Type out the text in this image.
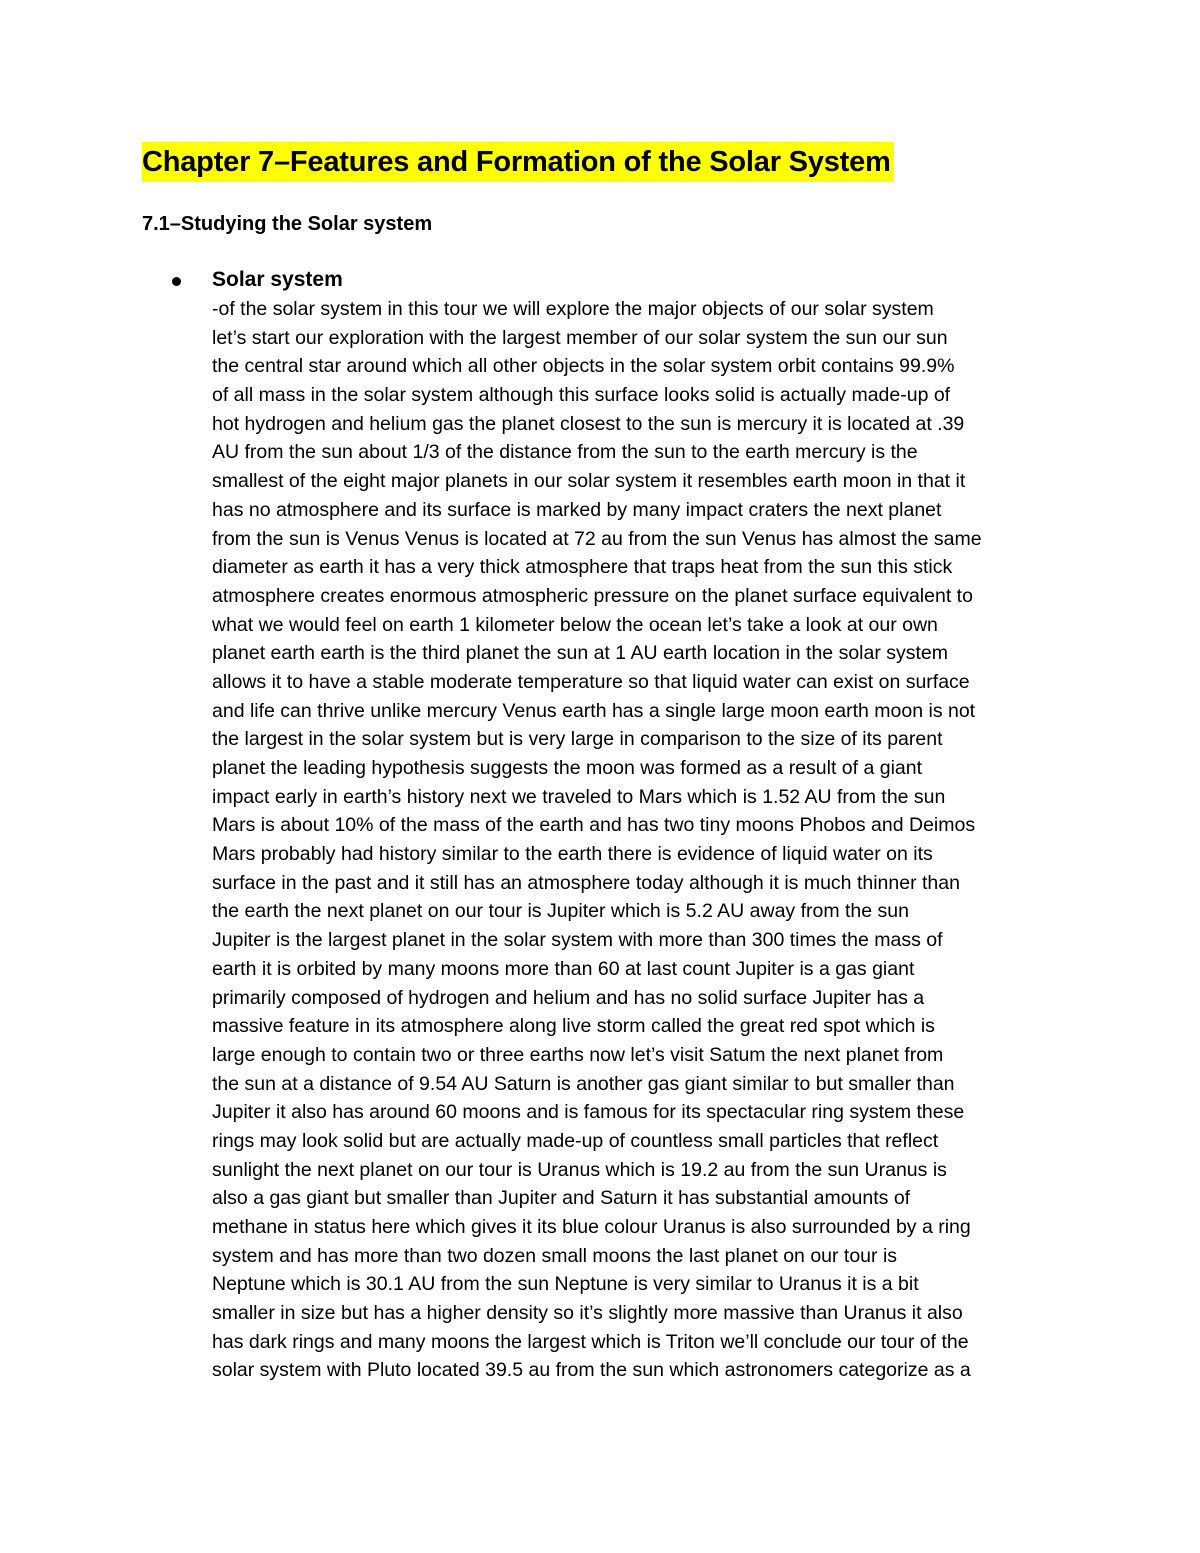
Chapter 7–Features and Formation of the Solar System
7.1–Studying the Solar system
Solar system
-of the solar system in this tour we will explore the major objects of our solar system
let’s start our exploration with the largest member of our solar system the sun our sun
the central star around which all other objects in the solar system orbit contains 99.9%
of all mass in the solar system although this surface looks solid is actually made-up of
hot hydrogen and helium gas the planet closest to the sun is mercury it is located at .39
AU from the sun about 1/3 of the distance from the sun to the earth mercury is the
smallest of the eight major planets in our solar system it resembles earth moon in that it
has no atmosphere and its surface is marked by many impact craters the next planet
from the sun is Venus Venus is located at 72 au from the sun Venus has almost the same
diameter as earth it has a very thick atmosphere that traps heat from the sun this stick
atmosphere creates enormous atmospheric pressure on the planet surface equivalent to
what we would feel on earth 1 kilometer below the ocean let’s take a look at our own
planet earth earth is the third planet the sun at 1 AU earth location in the solar system
allows it to have a stable moderate temperature so that liquid water can exist on surface
and life can thrive unlike mercury Venus earth has a single large moon earth moon is not
the largest in the solar system but is very large in comparison to the size of its parent
planet the leading hypothesis suggests the moon was formed as a result of a giant
impact early in earth’s history next we traveled to Mars which is 1.52 AU from the sun
Mars is about 10% of the mass of the earth and has two tiny moons Phobos and Deimos
Mars probably had history similar to the earth there is evidence of liquid water on its
surface in the past and it still has an atmosphere today although it is much thinner than
the earth the next planet on our tour is Jupiter which is 5.2 AU away from the sun
Jupiter is the largest planet in the solar system with more than 300 times the mass of
earth it is orbited by many moons more than 60 at last count Jupiter is a gas giant
primarily composed of hydrogen and helium and has no solid surface Jupiter has a
massive feature in its atmosphere along live storm called the great red spot which is
large enough to contain two or three earths now let’s visit Satum the next planet from
the sun at a distance of 9.54 AU Saturn is another gas giant similar to but smaller than
Jupiter it also has around 60 moons and is famous for its spectacular ring system these
rings may look solid but are actually made-up of countless small particles that reflect
sunlight the next planet on our tour is Uranus which is 19.2 au from the sun Uranus is
also a gas giant but smaller than Jupiter and Saturn it has substantial amounts of
methane in status here which gives it its blue colour Uranus is also surrounded by a ring
system and has more than two dozen small moons the last planet on our tour is
Neptune which is 30.1 AU from the sun Neptune is very similar to Uranus it is a bit
smaller in size but has a higher density so it’s slightly more massive than Uranus it also
has dark rings and many moons the largest which is Triton we’ll conclude our tour of the
solar system with Pluto located 39.5 au from the sun which astronomers categorize as a
